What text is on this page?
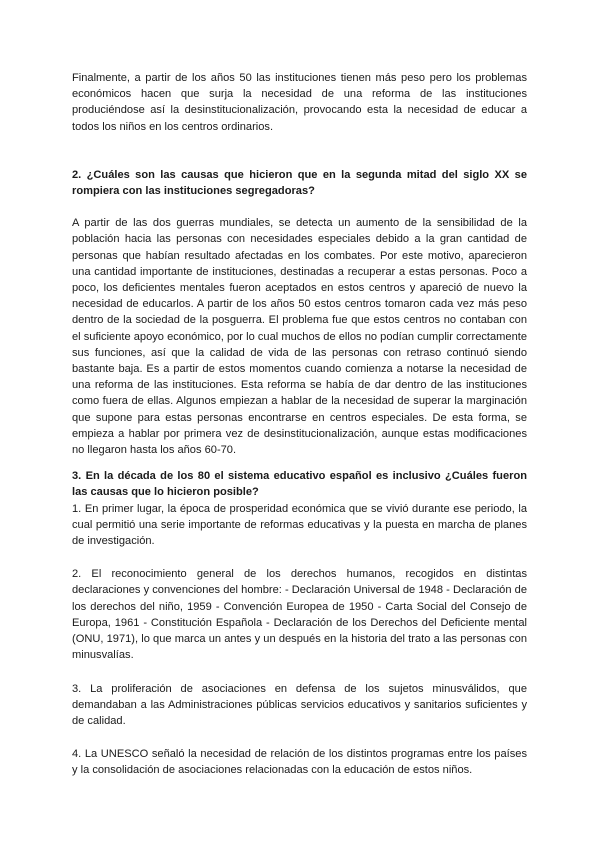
Finalmente, a partir de los años 50 las instituciones tienen más peso pero los problemas económicos hacen que surja la necesidad de una reforma de las instituciones produciéndose así la desinstitucionalización, provocando esta la necesidad de educar a todos los niños en los centros ordinarios.

2. ¿Cuáles son las causas que hicieron que en la segunda mitad del siglo XX se rompiera con las instituciones segregadoras?

A partir de las dos guerras mundiales, se detecta un aumento de la sensibilidad de la población hacia las personas con necesidades especiales debido a la gran cantidad de personas que habían resultado afectadas en los combates. Por este motivo, aparecieron una cantidad importante de instituciones, destinadas a recuperar a estas personas. Poco a poco, los deficientes mentales fueron aceptados en estos centros y apareció de nuevo la necesidad de educarlos. A partir de los años 50 estos centros tomaron cada vez más peso dentro de la sociedad de la posguerra. El problema fue que estos centros no contaban con el suficiente apoyo económico, por lo cual muchos de ellos no podían cumplir correctamente sus funciones, así que la calidad de vida de las personas con retraso continuó siendo bastante baja. Es a partir de estos momentos cuando comienza a notarse la necesidad de una reforma de las instituciones. Esta reforma se había de dar dentro de las instituciones como fuera de ellas. Algunos empiezan a hablar de la necesidad de superar la marginación que supone para estas personas encontrarse en centros especiales. De esta forma, se empieza a hablar por primera vez de desinstitucionalización, aunque estas modificaciones no llegaron hasta los años 60-70.

3. En la década de los 80 el sistema educativo español es inclusivo ¿Cuáles fueron las causas que lo hicieron posible?

1. En primer lugar, la época de prosperidad económica que se vivió durante ese periodo, la cual permitió una serie importante de reformas educativas y la puesta en marcha de planes de investigación.

2. El reconocimiento general de los derechos humanos, recogidos en distintas declaraciones y convenciones del hombre: - Declaración Universal de 1948 - Declaración de los derechos del niño, 1959 - Convención Europea de 1950 - Carta Social del Consejo de Europa, 1961 - Constitución Española - Declaración de los Derechos del Deficiente mental (ONU, 1971), lo que marca un antes y un después en la historia del trato a las personas con minusvalías.

3. La proliferación de asociaciones en defensa de los sujetos minusválidos, que demandaban a las Administraciones públicas servicios educativos y sanitarios suficientes y de calidad.

4. La UNESCO señaló la necesidad de relación de los distintos programas entre los países y la consolidación de asociaciones relacionadas con la educación de estos niños.
